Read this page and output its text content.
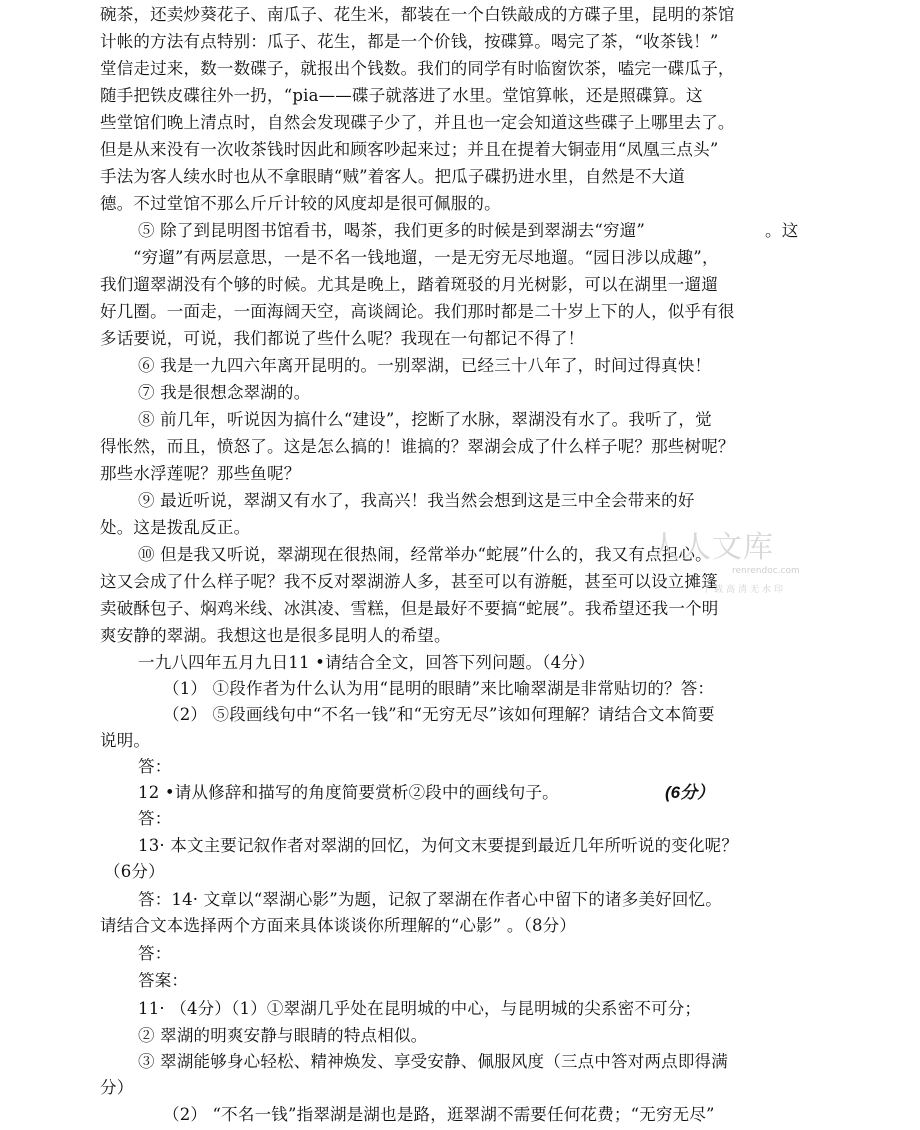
碗茶，还卖炒葵花子、南瓜子、花生米，都装在一个白铁敲成的方碟子里，昆明的茶馆
计帐的方法有点特别：瓜子、花生，都是一个价钱，按碟算。喝完了茶，“收茶钱！”
堂信走过来，数一数碟子，就报出个钱数。我们的同学有时临窗饮茶，嗑完一碟瓜子，
随手把铁皮碟往外一扔，“pia——碟子就落进了水里。堂馆算帐，还是照碟算。这
些堂馆们晚上清点时，自然会发现碟子少了，并且也一定会知道这些碟子上哪里去了。
但是从来没有一次收茶钱时因此和顾客吵起来过；并且在提着大铜壶用“凤凰三点头”
手法为客人续水时也从不拿眼睛“贼”着客人。把瓜子碟扔进水里，自然是不大道
德。不过堂馆不那么斤斤计较的风度却是很可佩服的。
⑤ 除了到昆明图书馆看书，喝茶，我们更多的时候是到翠湖去“穷遛”	。这
“穷遛”有两层意思，一是不名一钱地遛，一是无穷无尽地遛。“园日涉以成趣”，
我们遛翠湖没有个够的时候。尤其是晚上，踏着斑驳的月光树影，可以在湖里一遛遛
好几圈。一面走，一面海阔天空，高谈阔论。我们那时都是二十岁上下的人，似乎有很
多话要说，可说，我们都说了些什么呢？我现在一句都记不得了！
⑥ 我是一九四六年离开昆明的。一别翠湖，已经三十八年了，时间过得真快！
⑦ 我是很想念翠湖的。
⑧ 前几年，听说因为搞什么“建设”，挖断了水脉，翠湖没有水了。我听了，觉
得怅然，而且，愤怒了。这是怎么搞的！谁搞的？翠湖会成了什么样子呢？那些树呢？
那些水浮莲呢？那些鱼呢？
⑨ 最近听说，翠湖又有水了，我高兴！我当然会想到这是三中全会带来的好
处。这是拨乱反正。
⑩ 但是我又听说，翠湖现在很热闹，经常举办“蛇展”什么的，我又有点担心。
这又会成了什么样子呢？我不反对翠湖游人多，甚至可以有游艇，甚至可以设立摊篷
卖破酥包子、焖鸡米线、冰淇凌、雪糕，但是最好不要搞“蛇展”。我希望还我一个明
爽安静的翠湖。我想这也是很多昆明人的希望。
一九八四年五月九日11 •请结合全文，回答下列问题。（4分）
（1） ①段作者为什么认为用“昆明的眼睛”来比喻翠湖是非常贴切的？答：
（2） ⑤段画线句中“不名一钱”和“无穷无尽”该如何理解？请结合文本简要
说明。
答：
12 •请从修辞和描写的角度简要赏析②段中的画线句子。	(6分）
答：
13· 本文主要记叙作者对翠湖的回忆，为何文末要提到最近几年所听说的变化呢？
（6分）
答：14· 文章以“翠湖心影”为题，记叙了翠湖在作者心中留下的诸多美好回忆。
请结合文本选择两个方面来具体谈谈你所理解的“心影” 。（8分）
答：
答案：
11· （4分）（1）①翠湖几乎处在昆明城的中心，与昆明城的尖系密不可分；
② 翠湖的明爽安静与眼睛的特点相似。
③ 翠湖能够身心轻松、精神焕发、享受安静、佩服风度（三点中答对两点即得满
分）
（2） “不名一钱”指翠湖是湖也是路，逛翠湖不需要任何花费；“无穷无尽”
人人文库
renrendoc.com
下载高清无水印
